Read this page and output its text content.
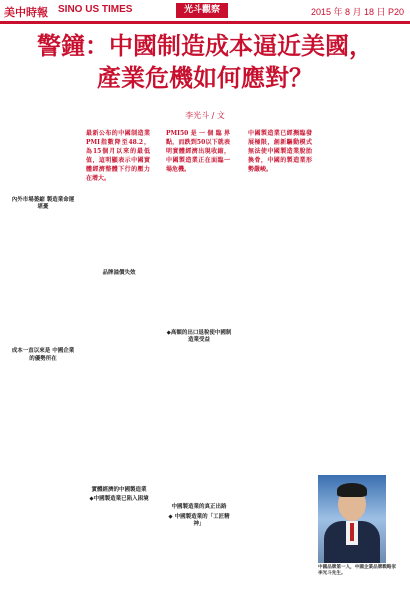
美中時報 SINO US TIMES	光斗觀察	2015 年 8 月 18 日 P20
警鐘：中國制造成本逼近美國，
產業危機如何應對？
李光斗 / 文
最新公布的中國制造業PMI指數降至48.2，為15個月以來的最低值，這明顯表示中國實體經濟整體下行的壓力在增大。
PMI50是一個臨界點，而跌到50以下就表明實體經濟出現收縮，中國製造業正在面臨一場危機。
中國製造業已經瀕臨發展極限，創新驅動模式無法使中國製造業脫胎換骨，中國的製造業形勢嚴峻。

內外市場萎縮 製造業命運堪憂

成本一直以來是 中國企業的優勢所在

品牌溢價失效

實體經濟的中國製造業

◆中國製造業已陷入困境

◆高額的出口退稅使中國制造業受益

中國製造業的真正出路

◆ 中國製造業的「工匠精神」

中國品牌第一人，中國企業品牌戰略家李光斗先生。
